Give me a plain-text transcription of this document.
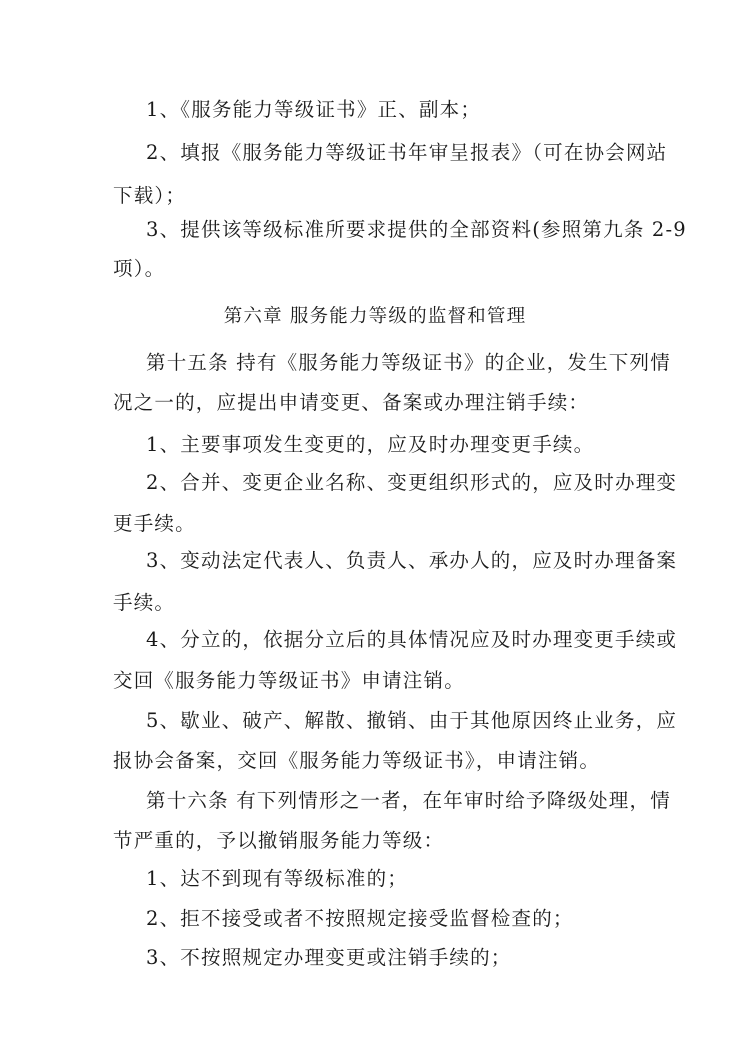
1、《服务能力等级证书》正、副本；
2、填报《服务能力等级证书年审呈报表》（可在协会网站
下载）；
3、提供该等级标准所要求提供的全部资料(参照第九条 2-9
项）。
第六章 服务能力等级的监督和管理
第十五条 持有《服务能力等级证书》的企业，发生下列情
况之一的，应提出申请变更、备案或办理注销手续：
1、主要事项发生变更的，应及时办理变更手续。
2、合并、变更企业名称、变更组织形式的，应及时办理变
更手续。
3、变动法定代表人、负责人、承办人的，应及时办理备案
手续。
4、分立的，依据分立后的具体情况应及时办理变更手续或
交回《服务能力等级证书》申请注销。
5、歇业、破产、解散、撤销、由于其他原因终止业务，应
报协会备案，交回《服务能力等级证书》，申请注销。
第十六条 有下列情形之一者，在年审时给予降级处理，情
节严重的，予以撤销服务能力等级：
1、达不到现有等级标准的；
2、拒不接受或者不按照规定接受监督检查的；
3、不按照规定办理变更或注销手续的；
